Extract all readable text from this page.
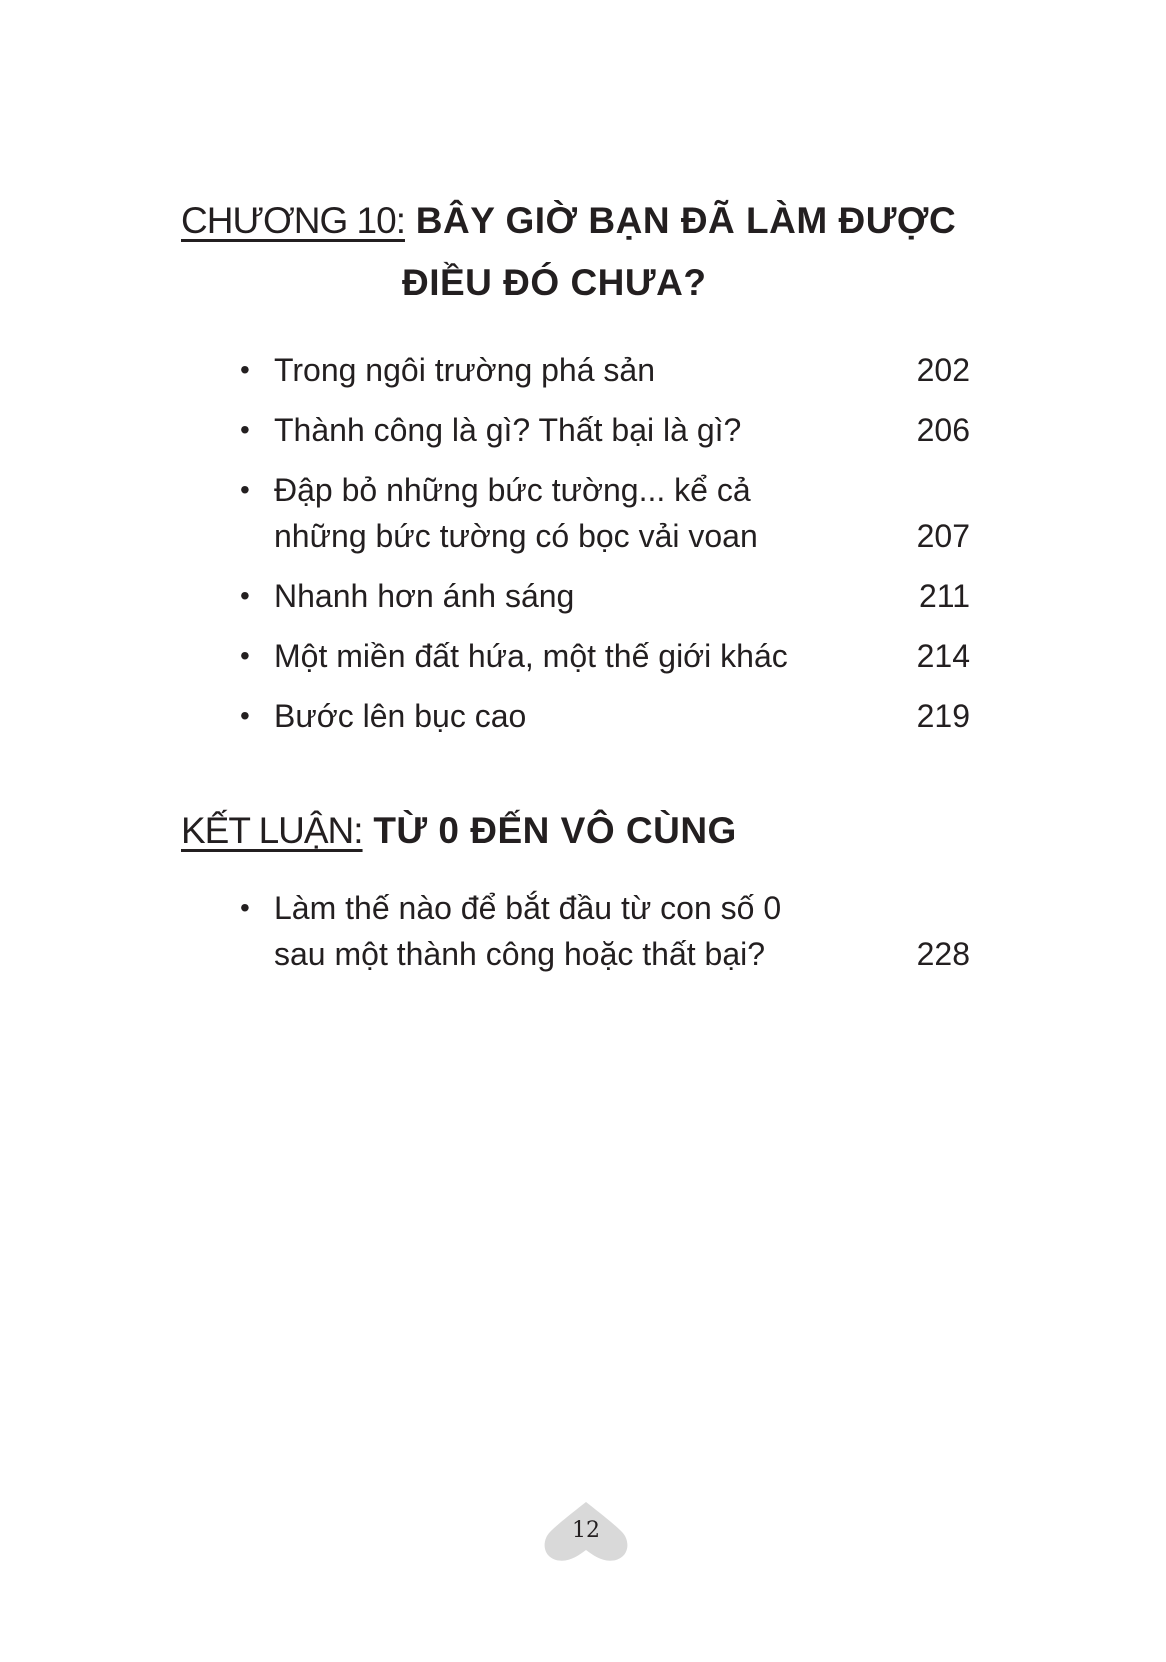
CHƯƠNG 10: BÂY GIỜ BẠN ĐÃ LÀM ĐƯỢC
ĐIỀU ĐÓ CHƯA?
• Trong ngôi trường phá sản	202
• Thành công là gì? Thất bại là gì?	206
• Đập bỏ những bức tường... kể cả những bức tường có bọc vải voan	207
• Nhanh hơn ánh sáng	211
• Một miền đất hứa, một thế giới khác	214
• Bước lên bục cao	219
KẾT LUẬN: TỪ 0 ĐẾN VÔ CÙNG
• Làm thế nào để bắt đầu từ con số 0 sau một thành công hoặc thất bại?	228
12
